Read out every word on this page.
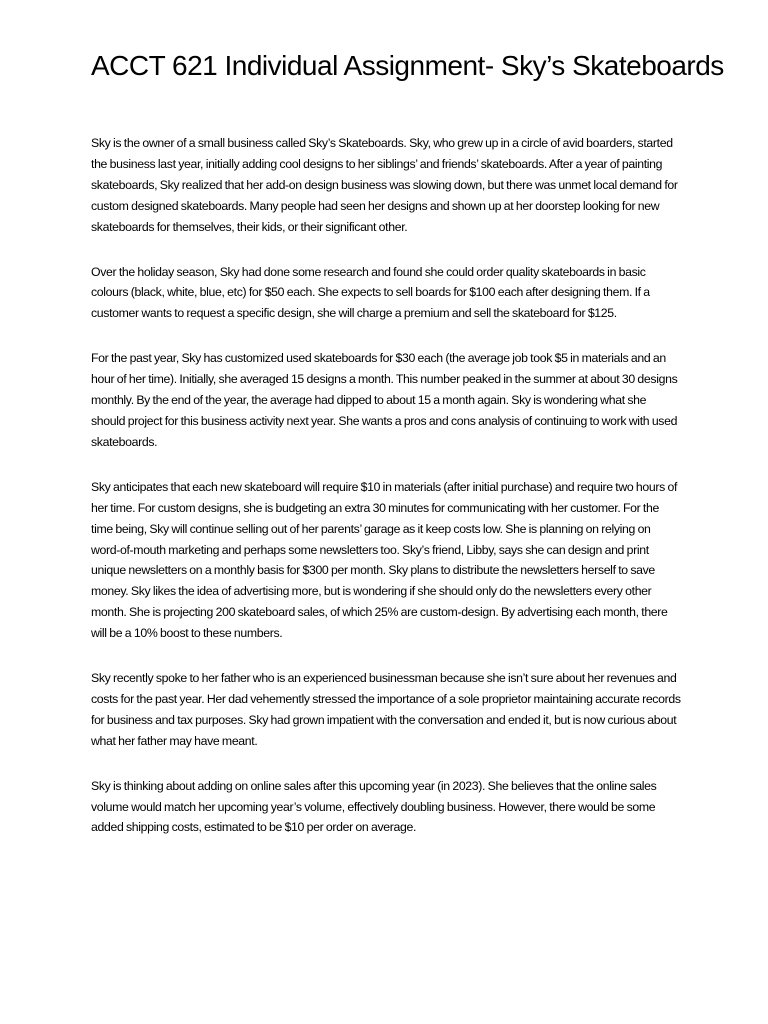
ACCT 621 Individual Assignment- Sky’s Skateboards

Sky is the owner of a small business called Sky’s Skateboards. Sky, who grew up in a circle of avid boarders, started the business last year, initially adding cool designs to her siblings’ and friends’ skateboards. After a year of painting skateboards, Sky realized that her add-on design business was slowing down, but there was unmet local demand for custom designed skateboards. Many people had seen her designs and shown up at her doorstep looking for new skateboards for themselves, their kids, or their significant other.

Over the holiday season, Sky had done some research and found she could order quality skateboards in basic colours (black, white, blue, etc) for $50 each. She expects to sell boards for $100 each after designing them. If a customer wants to request a specific design, she will charge a premium and sell the skateboard for $125.

For the past year, Sky has customized used skateboards for $30 each (the average job took $5 in materials and an hour of her time). Initially, she averaged 15 designs a month. This number peaked in the summer at about 30 designs monthly. By the end of the year, the average had dipped to about 15 a month again. Sky is wondering what she should project for this business activity next year. She wants a pros and cons analysis of continuing to work with used skateboards.

Sky anticipates that each new skateboard will require $10 in materials (after initial purchase) and require two hours of her time. For custom designs, she is budgeting an extra 30 minutes for communicating with her customer. For the time being, Sky will continue selling out of her parents’ garage as it keep costs low. She is planning on relying on word-of-mouth marketing and perhaps some newsletters too. Sky’s friend, Libby, says she can design and print unique newsletters on a monthly basis for $300 per month. Sky plans to distribute the newsletters herself to save money. Sky likes the idea of advertising more, but is wondering if she should only do the newsletters every other month. She is projecting 200 skateboard sales, of which 25% are custom-design. By advertising each month, there will be a 10% boost to these numbers.

Sky recently spoke to her father who is an experienced businessman because she isn’t sure about her revenues and costs for the past year. Her dad vehemently stressed the importance of a sole proprietor maintaining accurate records for business and tax purposes. Sky had grown impatient with the conversation and ended it, but is now curious about what her father may have meant.

Sky is thinking about adding on online sales after this upcoming year (in 2023). She believes that the online sales volume would match her upcoming year’s volume, effectively doubling business. However, there would be some added shipping costs, estimated to be $10 per order on average.
